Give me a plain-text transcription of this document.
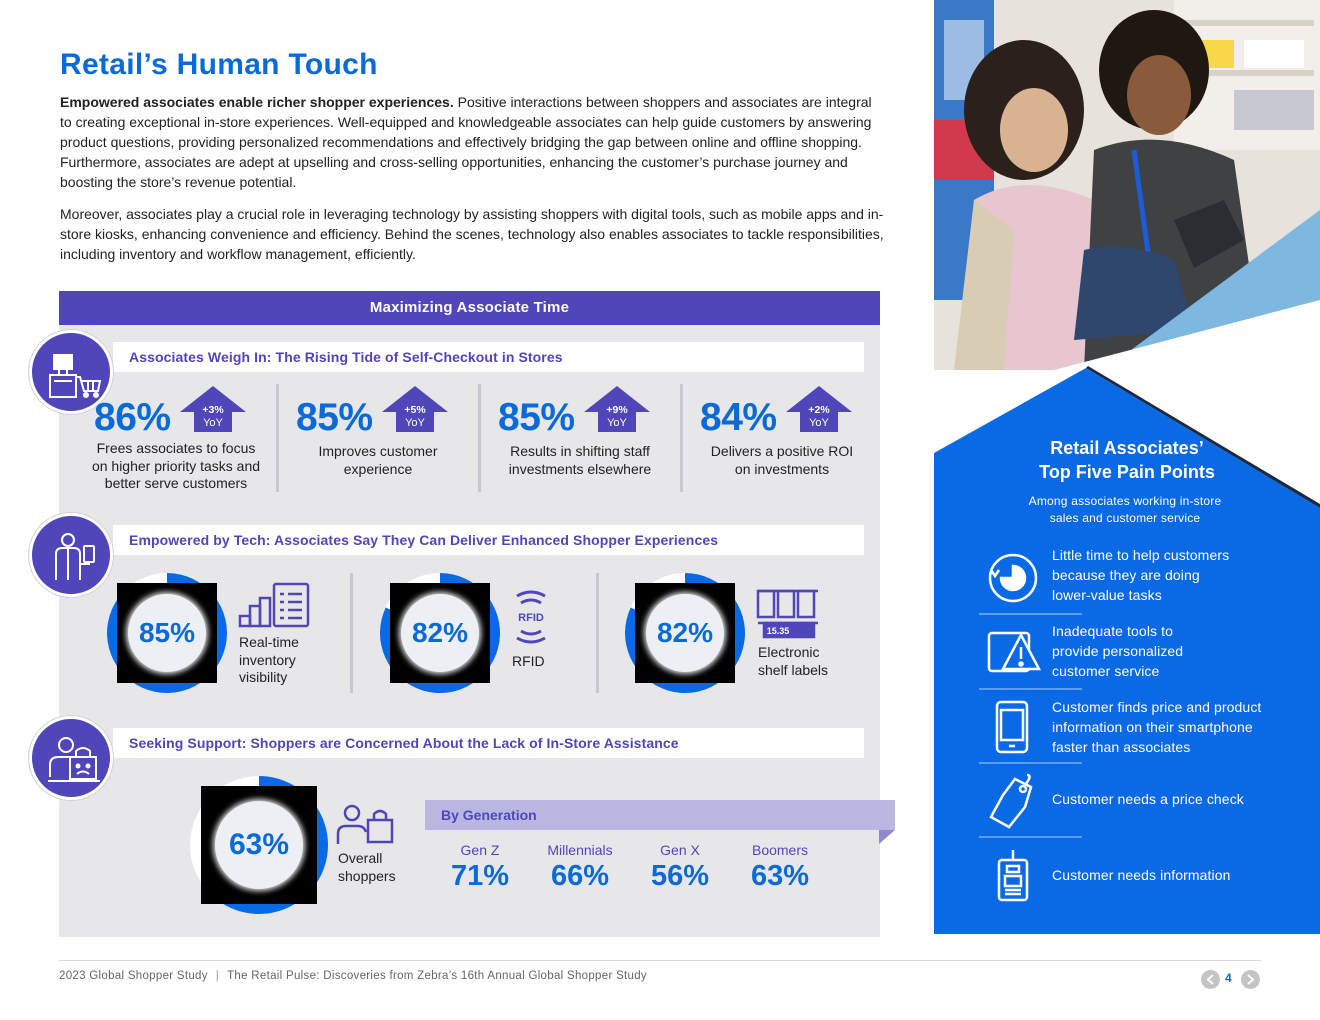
Retail’s Human Touch

Empowered associates enable richer shopper experiences. Positive interactions between shoppers and associates are integral to creating exceptional in-store experiences. Well-equipped and knowledgeable associates can help guide customers by answering product questions, providing personalized recommendations and effectively bridging the gap between online and offline shopping. Furthermore, associates are adept at upselling and cross-selling opportunities, enhancing the customer’s purchase journey and boosting the store’s revenue potential.

Moreover, associates play a crucial role in leveraging technology by assisting shoppers with digital tools, such as mobile apps and in-store kiosks, enhancing convenience and efficiency. Behind the scenes, technology also enables associates to tackle responsibilities, including inventory and workflow management, efficiently.

Maximizing Associate Time
Associates Weigh In: The Rising Tide of Self-Checkout in Stores
86%	+3%
YoY
Frees associates to focus
on higher priority tasks and
better serve customers
85%	+5%
YoY
Improves customer
experience
85%	+9%
YoY
Results in shifting staff
investments elsewhere
84%	+2%
YoY
Delivers a positive ROI
on investments
Empowered by Tech: Associates Say They Can Deliver Enhanced Shopper Experiences
85%	Real-time
inventory
visibility
82%	RFID
RFID
82%	15.35
Electronic
shelf labels
Seeking Support: Shoppers are Concerned About the Lack of In-Store Assistance
63%	Overall
shoppers
By Generation
Gen Z
71%
Millennials
66%
Gen X
56%
Boomers
63%
Retail Associates’
Top Five Pain Points
Among associates working in-store
sales and customer service
Little time to help customers
because they are doing
lower-value tasks
Inadequate tools to
provide personalized
customer service
Customer finds price and product
information on their smartphone
faster than associates
Customer needs a price check
Customer needs information
2023 Global Shopper Study | The Retail Pulse: Discoveries from Zebra’s 16th Annual Global Shopper Study	4
